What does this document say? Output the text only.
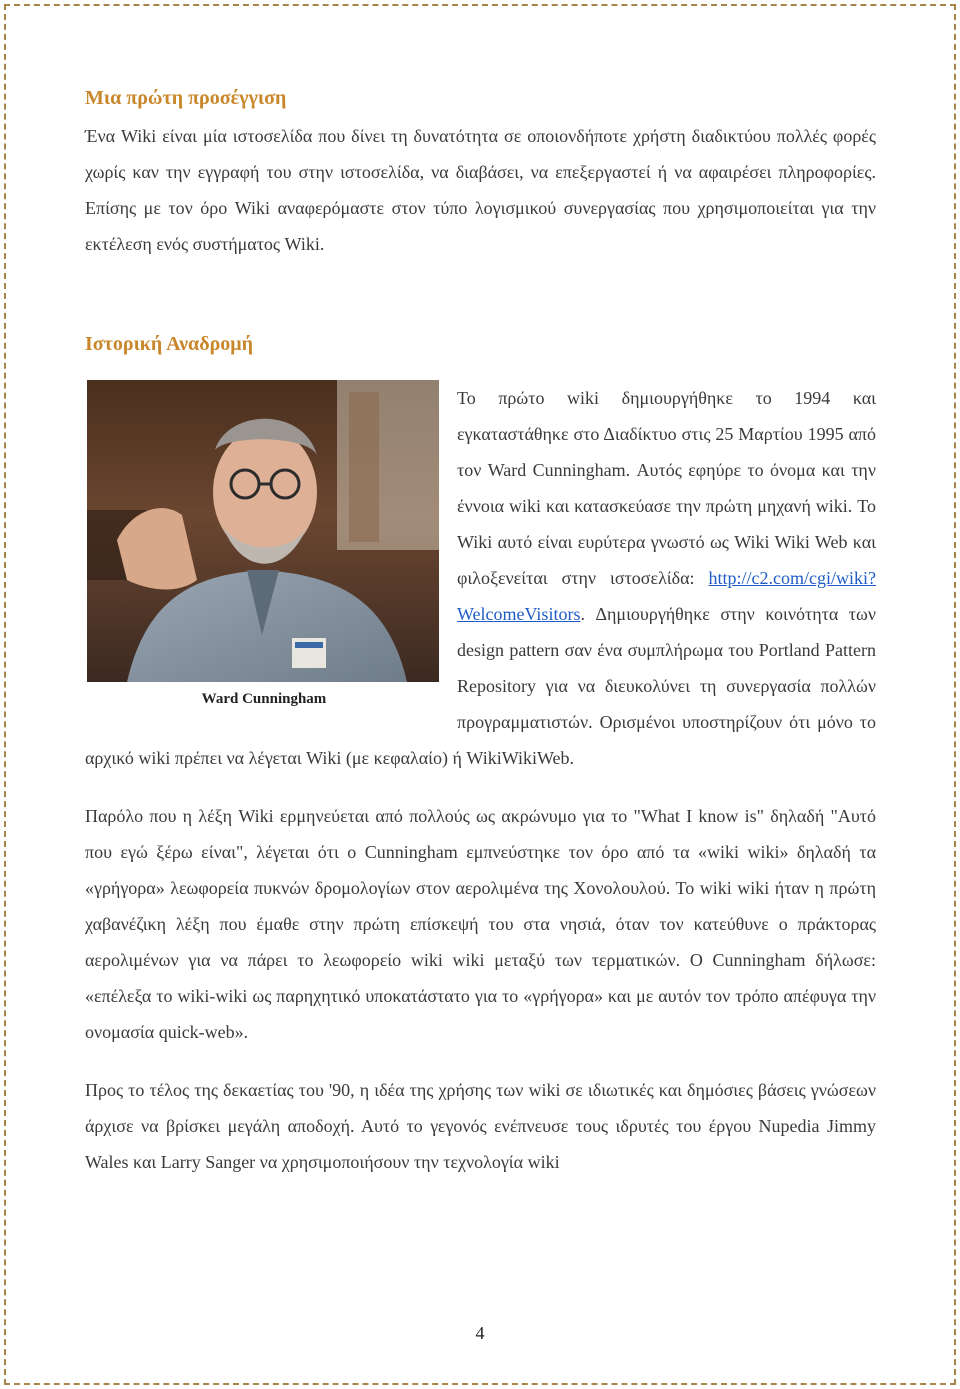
Μια πρώτη προσέγγιση

Ένα Wiki είναι μία ιστοσελίδα που δίνει τη δυνατότητα σε οποιονδήποτε χρήστη διαδικτύου πολλές φορές χωρίς καν την εγγραφή του στην ιστοσελίδα, να διαβάσει, να επεξεργαστεί ή να αφαιρέσει πληροφορίες. Επίσης με τον όρο Wiki αναφερόμαστε στον τύπο λογισμικού συνεργασίας που χρησιμοποιείται για την εκτέλεση ενός συστήματος Wiki.

Ιστορική Αναδρομή

Ward Cunningham
Το πρώτο wiki δημιουργήθηκε το 1994 και εγκαταστάθηκε στο Διαδίκτυο στις 25 Μαρτίου 1995 από τον Ward Cunningham. Αυτός εφηύρε το όνομα και την έννοια wiki και κατασκεύασε την πρώτη μηχανή wiki. Το Wiki αυτό είναι ευρύτερα γνωστό ως Wiki Wiki Web και φιλοξενείται στην ιστοσελίδα: http://c2.com/cgi/wiki?WelcomeVisitors. Δημιουργήθηκε στην κοινότητα των design pattern σαν ένα συμπλήρωμα του Portland Pattern Repository για να διευκολύνει τη συνεργασία πολλών προγραμματιστών. Ορισμένοι υποστηρίζουν ότι μόνο το αρχικό wiki πρέπει να λέγεται Wiki (με κεφαλαίο) ή WikiWikiWeb.

Παρόλο που η λέξη Wiki ερμηνεύεται από πολλούς ως ακρώνυμο για το "What I know is" δηλαδή "Αυτό που εγώ ξέρω είναι", λέγεται ότι ο Cunningham εμπνεύστηκε τον όρο από τα «wiki wiki» δηλαδή τα «γρήγορα» λεωφορεία πυκνών δρομολογίων στον αερολιμένα της Χονολουλού. Το wiki wiki ήταν η πρώτη χαβανέζικη λέξη που έμαθε στην πρώτη επίσκεψή του στα νησιά, όταν τον κατεύθυνε ο πράκτορας αερολιμένων για να πάρει το λεωφορείο wiki wiki μεταξύ των τερματικών. Ο Cunningham δήλωσε: «επέλεξα το wiki-wiki ως παρηχητικό υποκατάστατο για το «γρήγορα» και με αυτόν τον τρόπο απέφυγα την ονομασία quick-web».

Προς το τέλος της δεκαετίας του '90, η ιδέα της χρήσης των wiki σε ιδιωτικές και δημόσιες βάσεις γνώσεων άρχισε να βρίσκει μεγάλη αποδοχή. Αυτό το γεγονός ενέπνευσε τους ιδρυτές του έργου Nupedia Jimmy Wales και Larry Sanger να χρησιμοποιήσουν την τεχνολογία wiki

4
